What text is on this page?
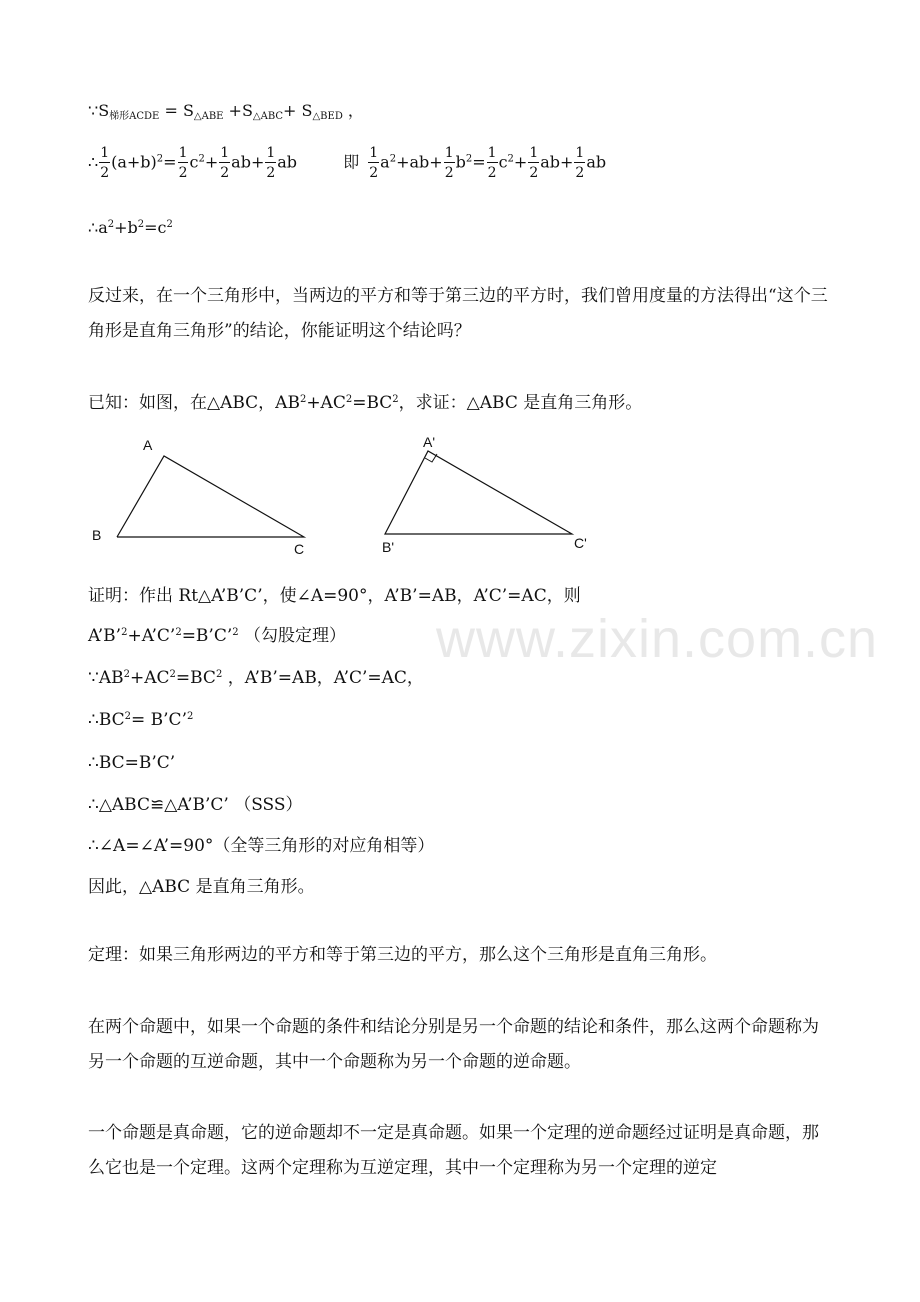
www.zixin.com.cn
$\because S_{梯形ACDE} = S_{\triangle ABE} +S_{\triangle ABC}+ S_{\triangle BED}$ ，
∴ $\frac{1}{2} (a+b)^2= \frac{1}{2} c^2+ \frac{1}{2} ab+ \frac{1}{2}$ ab	即 $\frac{1}{2} a^2+ab+ \frac{1}{2} b^2= \frac{1}{2} c^2+ \frac{1}{2} ab+ \frac{1}{2}$ ab
$\therefore a^2+b^2=c^2$
反过来，在一个三角形中，当两边的平方和等于第三边的平方时，我们曾用度量的方法得出“这个三角形是直角三角形”的结论，你能证明这个结论吗？
已知：如图，在△ABC，$AB^2+AC^2=BC^2$，求证：△ABC 是直角三角形。
A
B
C
A'
B'	C'
证明：作出 Rt△A’B’C’，使∠A=90°，A’B’=AB，A’C’=AC，则
A’B’$^2$+A’C’$^2$=B’C’$^2$ （勾股定理）
$\because AB^2+AC^2=BC^2$ ，A’B’=AB，A’C’=AC，
$\therefore BC^2=$ B’C’$^2$
∴BC=B’C’
∴△ABC≌△A’B’C’ （SSS）
∴∠A=∠A’=90°（全等三角形的对应角相等）
因此，△ABC 是直角三角形。
定理：如果三角形两边的平方和等于第三边的平方，那么这个三角形是直角三角形。
在两个命题中，如果一个命题的条件和结论分别是另一个命题的结论和条件，那么这两个命题称为另一个命题的互逆命题，其中一个命题称为另一个命题的逆命题。
一个命题是真命题，它的逆命题却不一定是真命题。如果一个定理的逆命题经过证明是真命题，那么它也是一个定理。这两个定理称为互逆定理，其中一个定理称为另一个定理的逆定
